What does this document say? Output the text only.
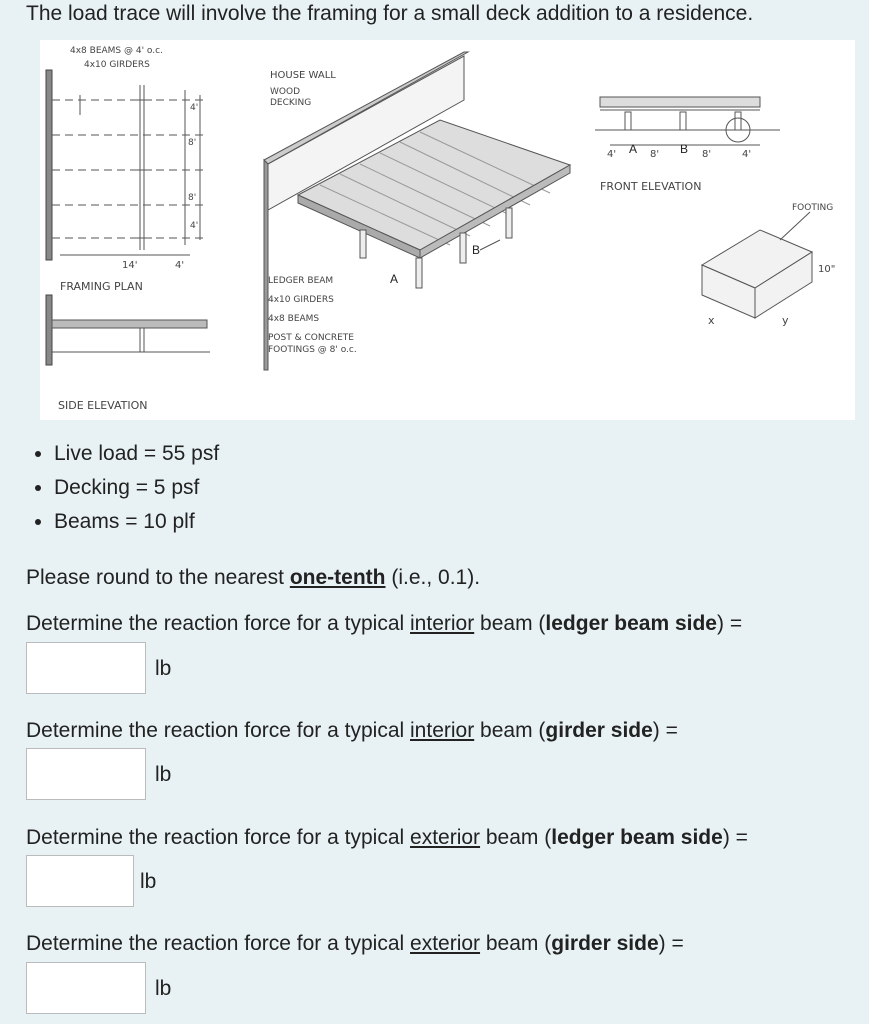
The load trace will involve the framing for a small deck addition to a residence.
4x8 BEAMS @ 4' o.c.
4x10 GIRDERS
8'
8'
4'
4'
14'	4'
FRAMING PLAN
SIDE ELEVATION
HOUSE WALL
WOOD
DECKING
LEDGER BEAM
4x10 GIRDERS
4x8 BEAMS
POST & CONCRETE
FOOTINGS @ 8' o.c.
A
B
4' A 8' B 8'	4'
FRONT ELEVATION
FOOTING
10"
x	y
• Live load = 55 psf
• Decking = 5 psf
• Beams = 10 plf
Please round to the nearest one-tenth (i.e., 0.1).
Determine the reaction force for a typical interior beam (ledger beam side) =
lb
Determine the reaction force for a typical interior beam (girder side) =
lb
Determine the reaction force for a typical exterior beam (ledger beam side) =
lb
Determine the reaction force for a typical exterior beam (girder side) =
lb
